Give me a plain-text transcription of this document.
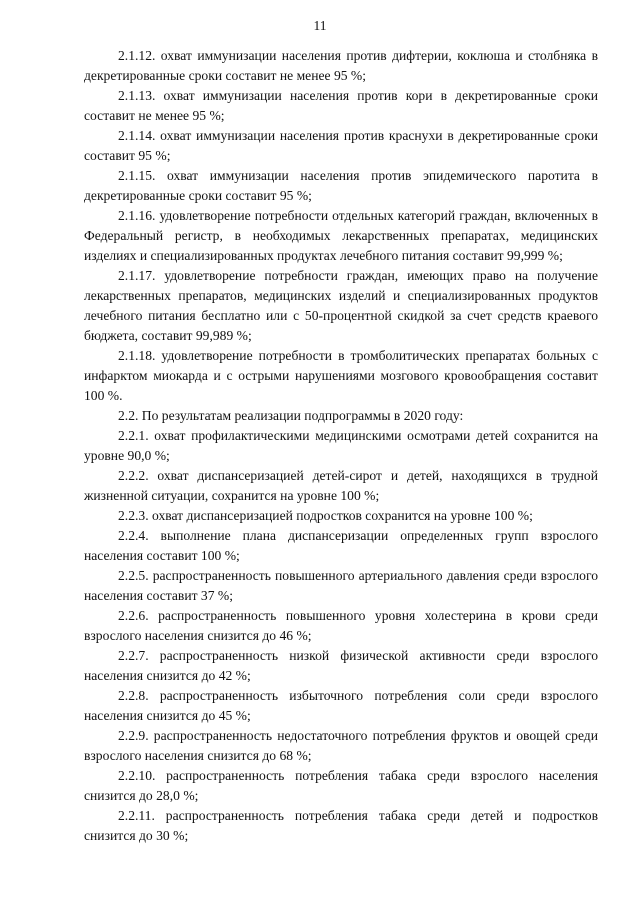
11

2.1.12. охват иммунизации населения против дифтерии, коклюша и столбняка в декретированные сроки составит не менее 95 %;

2.1.13. охват иммунизации населения против кори в декретированные сроки составит не менее 95 %;

2.1.14. охват иммунизации населения против краснухи в декретированные сроки составит 95 %;

2.1.15. охват иммунизации населения против эпидемического паротита в декретированные сроки составит 95 %;

2.1.16. удовлетворение потребности отдельных категорий граждан, включенных в Федеральный регистр, в необходимых лекарственных препаратах, медицинских изделиях и специализированных продуктах лечебного питания составит 99,999 %;

2.1.17. удовлетворение потребности граждан, имеющих право на получение лекарственных препаратов, медицинских изделий и специализированных продуктов лечебного питания бесплатно или с 50-процентной скидкой за счет средств краевого бюджета, составит 99,989 %;

2.1.18. удовлетворение потребности в тромболитических препаратах больных с инфарктом миокарда и с острыми нарушениями мозгового кровообращения составит 100 %.

2.2. По результатам реализации подпрограммы в 2020 году:

2.2.1. охват профилактическими медицинскими осмотрами детей сохранится на уровне 90,0 %;

2.2.2. охват диспансеризацией детей-сирот и детей, находящихся в трудной жизненной ситуации, сохранится на уровне 100 %;

2.2.3. охват диспансеризацией подростков сохранится на уровне 100 %;

2.2.4. выполнение плана диспансеризации определенных групп взрослого населения составит 100 %;

2.2.5. распространенность повышенного артериального давления среди взрослого населения составит 37 %;

2.2.6. распространенность повышенного уровня холестерина в крови среди взрослого населения снизится до 46 %;

2.2.7. распространенность низкой физической активности среди взрослого населения снизится до 42 %;

2.2.8. распространенность избыточного потребления соли среди взрослого населения снизится до 45 %;

2.2.9. распространенность недостаточного потребления фруктов и овощей среди взрослого населения снизится до 68 %;

2.2.10. распространенность потребления табака среди взрослого населения снизится до 28,0 %;

2.2.11. распространенность потребления табака среди детей и подростков снизится до 30 %;
